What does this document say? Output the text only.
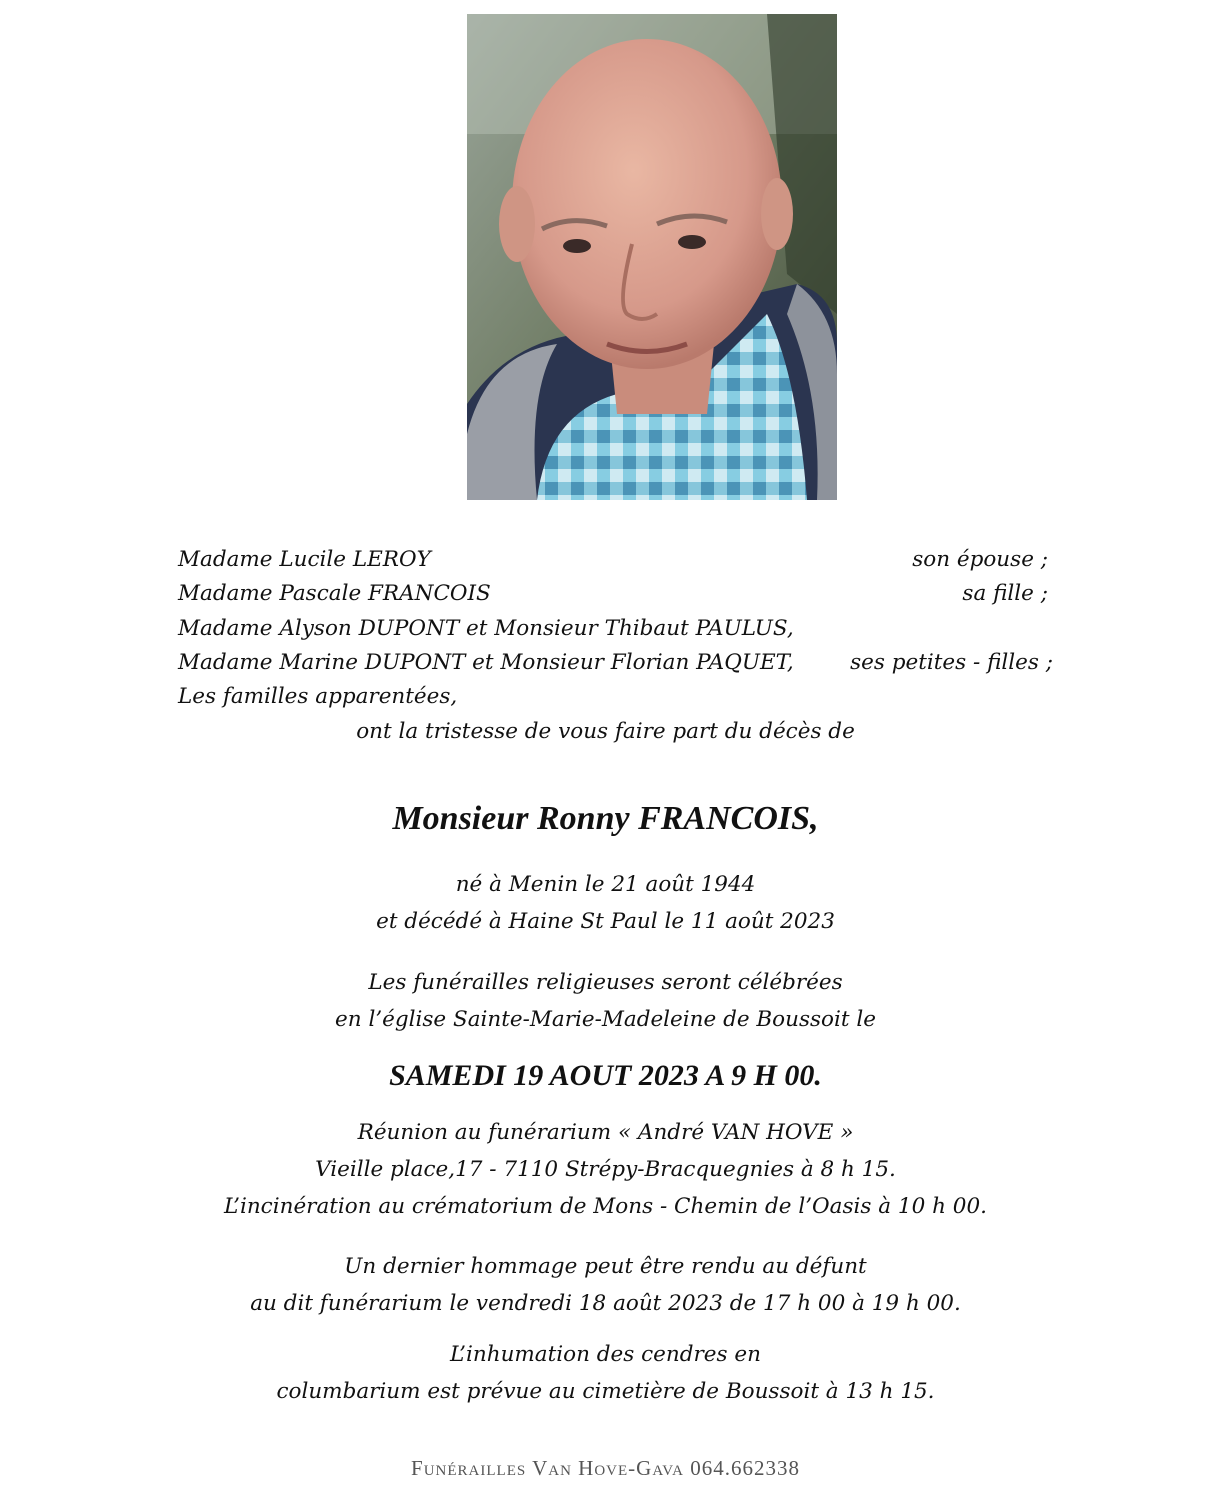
Madame Lucile LEROY	son épouse ;
Madame Pascale FRANCOIS	sa fille ;
Madame Alyson DUPONT et Monsieur Thibaut PAULUS,
Madame Marine DUPONT et Monsieur Florian PAQUET,	ses petites - filles ;
Les familles apparentées,
ont la tristesse de vous faire part du décès de
Monsieur Ronny FRANCOIS,
né à Menin le 21 août 1944
et décédé à Haine St Paul le 11 août 2023
Les funérailles religieuses seront célébrées
en l’église Sainte-Marie-Madeleine de Boussoit le
SAMEDI 19 AOUT 2023 A 9 H 00.
Réunion au funérarium « André VAN HOVE »
Vieille place,17 - 7110 Strépy-Bracquegnies à 8 h 15.
L’incinération au crématorium de Mons - Chemin de l’Oasis à 10 h 00.
Un dernier hommage peut être rendu au défunt
au dit funérarium le vendredi 18 août 2023 de 17 h 00 à 19 h 00.
L’inhumation des cendres en
columbarium est prévue au cimetière de Boussoit à 13 h 15.
Funérailles Van Hove-Gava 064.662338
